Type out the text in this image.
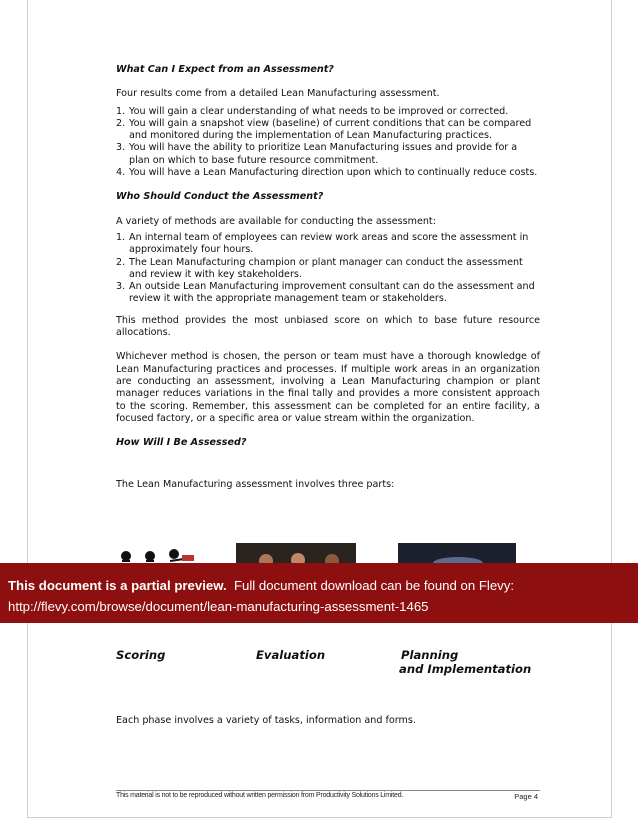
What Can I Expect from an Assessment?

Four results come from a detailed Lean Manufacturing assessment.

1. You will gain a clear understanding of what needs to be improved or corrected.
2. You will gain a snapshot view (baseline) of current conditions that can be compared and monitored during the implementation of Lean Manufacturing practices.
3. You will have the ability to prioritize Lean Manufacturing issues and provide for a plan on which to base future resource commitment.
4. You will have a Lean Manufacturing direction upon which to continually reduce costs.

Who Should Conduct the Assessment?

A variety of methods are available for conducting the assessment:

1. An internal team of employees can review work areas and score the assessment in approximately four hours.
2. The Lean Manufacturing champion or plant manager can conduct the assessment and review it with key stakeholders.
3. An outside Lean Manufacturing improvement consultant can do the assessment and review it with the appropriate management team or stakeholders.

This method provides the most unbiased score on which to base future resource allocations.

Whichever method is chosen, the person or team must have a thorough knowledge of Lean Manufacturing practices and processes. If multiple work areas in an organization are conducting an assessment, involving a Lean Manufacturing champion or plant manager reduces variations in the final tally and provides a more consistent approach to the scoring. Remember, this assessment can be completed for an entire facility, a focused factory, or a specific area or value stream within the organization.

How Will I Be Assessed?

The Lean Manufacturing assessment involves three parts:

This document is a partial preview. Full document download can be found on Flevy:
http://flevy.com/browse/document/lean-manufacturing-assessment-1465
Scoring	Evaluation	Planning
and Implementation
Each phase involves a variety of tasks, information and forms.
This material is not to be reproduced without written permission from Productivity Solutions Limited.	Page 4
